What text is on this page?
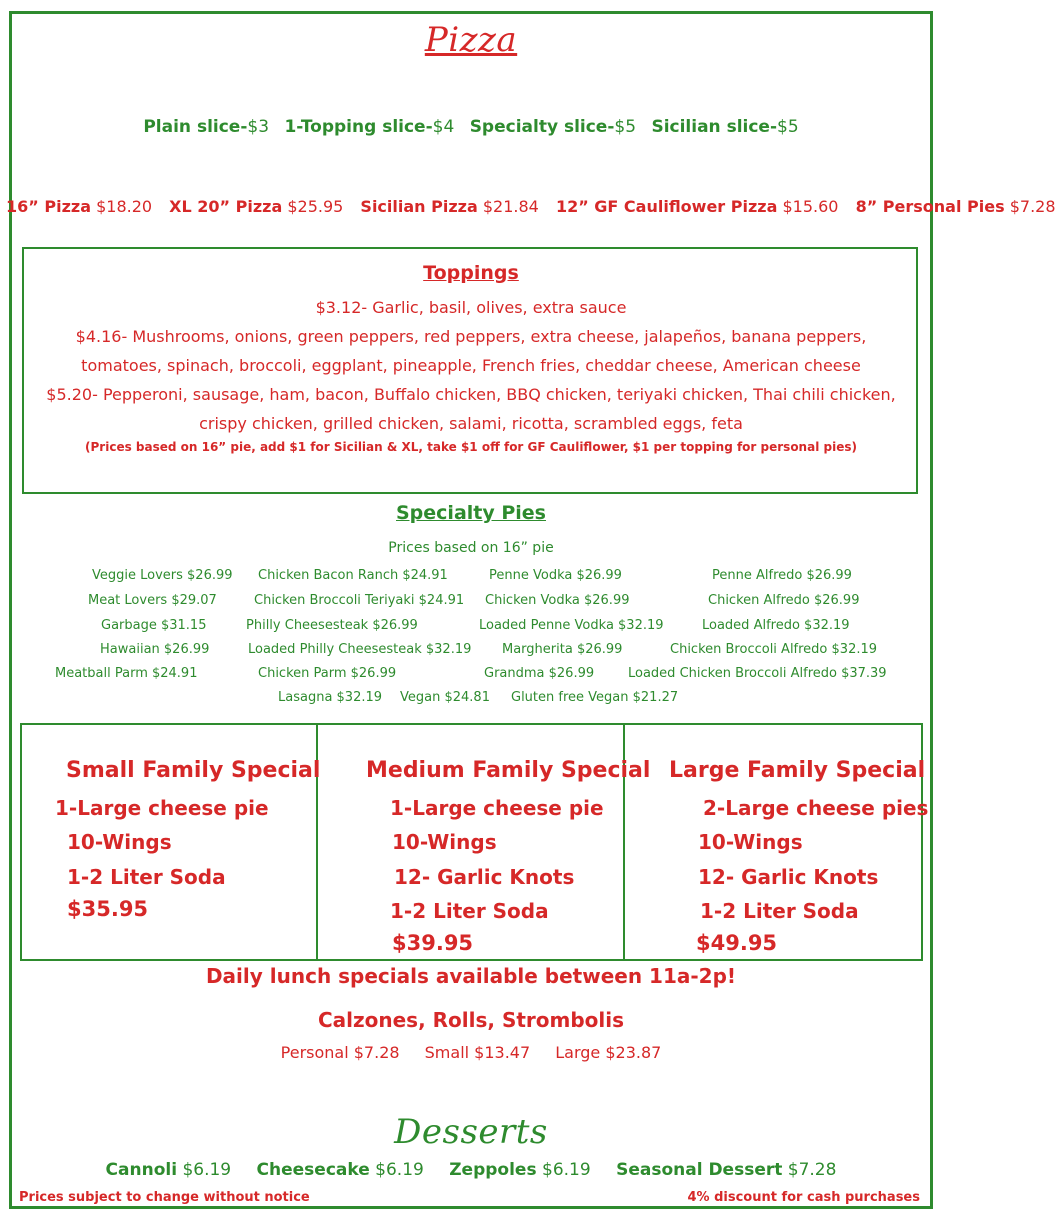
Pizza
Plain slice-$3 1-Topping slice-$4 Specialty slice-$5 Sicilian slice-$5
16” Pizza $18.20 XL 20” Pizza $25.95 Sicilian Pizza $21.84 12” GF Cauliflower Pizza $15.60 8” Personal Pies $7.28
Toppings
$3.12- Garlic, basil, olives, extra sauce
$4.16- Mushrooms, onions, green peppers, red peppers, extra cheese, jalapeños, banana peppers, tomatoes, spinach, broccoli, eggplant, pineapple, French fries, cheddar cheese, American cheese
$5.20- Pepperoni, sausage, ham, bacon, Buffalo chicken, BBQ chicken, teriyaki chicken, Thai chili chicken, crispy chicken, grilled chicken, salami, ricotta, scrambled eggs, feta
(Prices based on 16” pie, add $1 for Sicilian & XL, take $1 off for GF Cauliflower, $1 per topping for personal pies)
Specialty Pies
Prices based on 16” pie
Veggie Lovers $26.99 Chicken Bacon Ranch $24.91	Penne Vodka $26.99	Penne Alfredo $26.99
Meat Lovers $29.07	Chicken Broccoli Teriyaki $24.91 Chicken Vodka $26.99	Chicken Alfredo $26.99
Garbage $31.15	Philly Cheesesteak $26.99	Loaded Penne Vodka $32.19	Loaded Alfredo $32.19
Hawaiian $26.99	Loaded Philly Cheesesteak $32.19 Margherita $26.99	Chicken Broccoli Alfredo $32.19
Meatball Parm $24.91	Chicken Parm $26.99	Grandma $26.99	Loaded Chicken Broccoli Alfredo $37.39
Lasagna $32.19 Vegan $24.81 Gluten free Vegan $21.27
Small Family Special
1-Large cheese pie
10-Wings
1-2 Liter Soda
$35.95
Medium Family Special
1-Large cheese pie
10-Wings
12- Garlic Knots
1-2 Liter Soda
$39.95
Large Family Special
2-Large cheese pies
10-Wings
12- Garlic Knots
1-2 Liter Soda
$49.95
Daily lunch specials available between 11a-2p!
Calzones, Rolls, Strombolis
Personal $7.28 Small $13.47 Large $23.87
Desserts
Cannoli $6.19 Cheesecake $6.19 Zeppoles $6.19 Seasonal Dessert $7.28
Prices subject to change without notice	4% discount for cash purchases
